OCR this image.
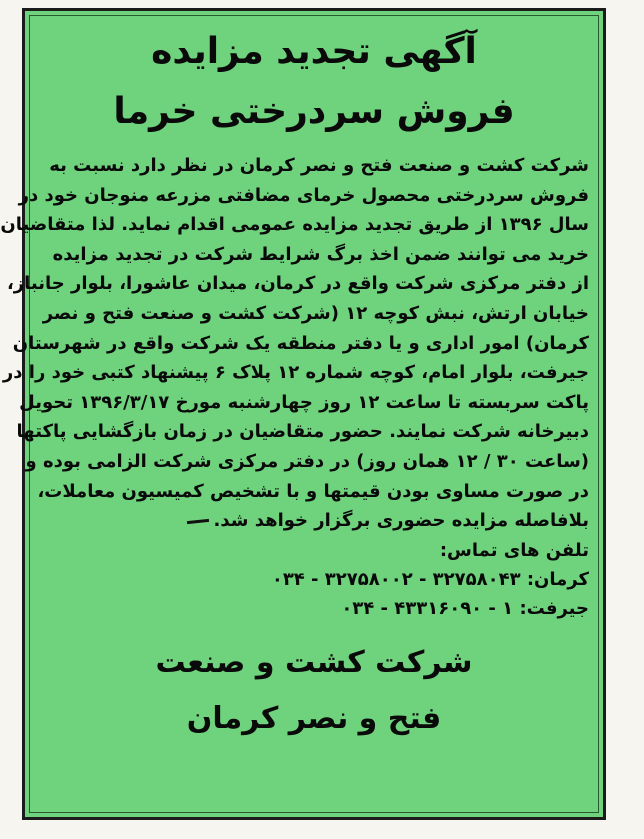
آگهی تجدید مزایده
فروش سردرختی خرما
شرکت کشت و صنعت فتح و نصر کرمان در نظر دارد نسبت به
فروش سردرختی محصول خرمای مضافتی مزرعه منوجان خود در
سال ۱۳۹۶ از طریق تجدید مزایده عمومی اقدام نماید. لذا متقاضیان
خرید می توانند ضمن اخذ برگ شرایط شرکت در تجدید مزایده
از دفتر مرکزی شرکت واقع در کرمان، میدان عاشورا، بلوار جانباز،
خیابان ارتش، نبش کوچه ۱۲ (شرکت کشت و صنعت فتح و نصر
کرمان) امور اداری و یا دفتر منطقه یک شرکت واقع در شهرستان
جیرفت، بلوار امام، کوچه شماره ۱۲ پلاک ۶ پیشنهاد کتبی خود را در
پاکت سربسته تا ساعت ۱۲ روز چهارشنبه مورخ ۱۳۹۶/۳/۱۷ تحویل
دبیرخانه شرکت نمایند. حضور متقاضیان در زمان بازگشایی پاکتها
(ساعت ۳۰ / ۱۲ همان روز) در دفتر مرکزی شرکت الزامی بوده و
در صورت مساوی بودن قیمتها و با تشخیص کمیسیون معاملات،
بلافاصله مزایده حضوری برگزار خواهد شد.
تلفن های تماس:
کرمان: ۰۳۴ - ۳۲۷۵۸۰۰۲ - ۳۲۷۵۸۰۴۳
جیرفت: ۰۳۴ - ۴۳۳۱۶۰۹۰ - ۱
شرکت کشت و صنعت
فتح و نصر کرمان
